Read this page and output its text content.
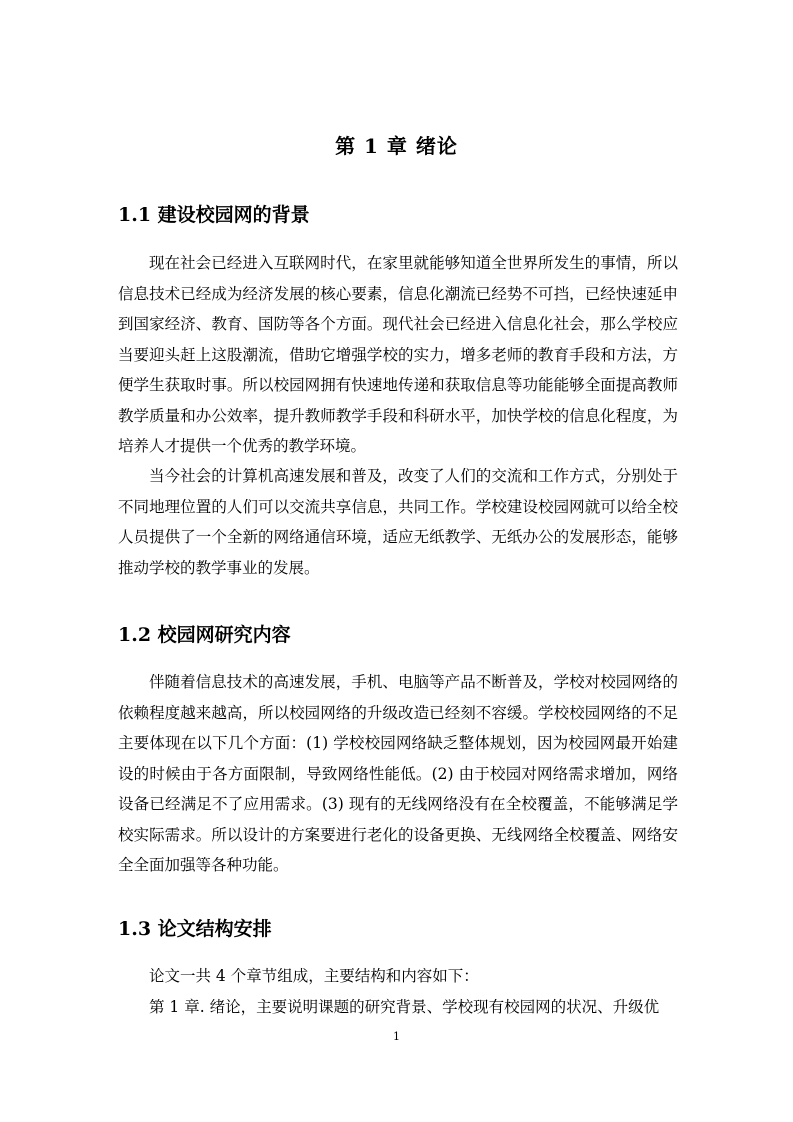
第 1 章 绪论
1.1 建设校园网的背景

现在社会已经进入互联网时代，在家里就能够知道全世界所发生的事情，所以信息技术已经成为经济发展的核心要素，信息化潮流已经势不可挡，已经快速延申到国家经济、教育、国防等各个方面。现代社会已经进入信息化社会，那么学校应当要迎头赶上这股潮流，借助它增强学校的实力，增多老师的教育手段和方法，方便学生获取时事。所以校园网拥有快速地传递和获取信息等功能能够全面提高教师教学质量和办公效率，提升教师教学手段和科研水平，加快学校的信息化程度，为培养人才提供一个优秀的教学环境。

当今社会的计算机高速发展和普及，改变了人们的交流和工作方式，分别处于不同地理位置的人们可以交流共享信息，共同工作。学校建设校园网就可以给全校人员提供了一个全新的网络通信环境，适应无纸教学、无纸办公的发展形态，能够推动学校的教学事业的发展。

1.2 校园网研究内容

伴随着信息技术的高速发展，手机、电脑等产品不断普及，学校对校园网络的依赖程度越来越高，所以校园网络的升级改造已经刻不容缓。学校校园网络的不足主要体现在以下几个方面：(1) 学校校园网络缺乏整体规划，因为校园网最开始建设的时候由于各方面限制，导致网络性能低。(2) 由于校园对网络需求增加，网络设备已经满足不了应用需求。(3) 现有的无线网络没有在全校覆盖，不能够满足学校实际需求。所以设计的方案要进行老化的设备更换、无线网络全校覆盖、网络安全全面加强等各种功能。

1.3 论文结构安排
论文一共 4 个章节组成，主要结构和内容如下：
第 1 章. 绪论，主要说明课题的研究背景、学校现有校园网的状况、升级优
1
